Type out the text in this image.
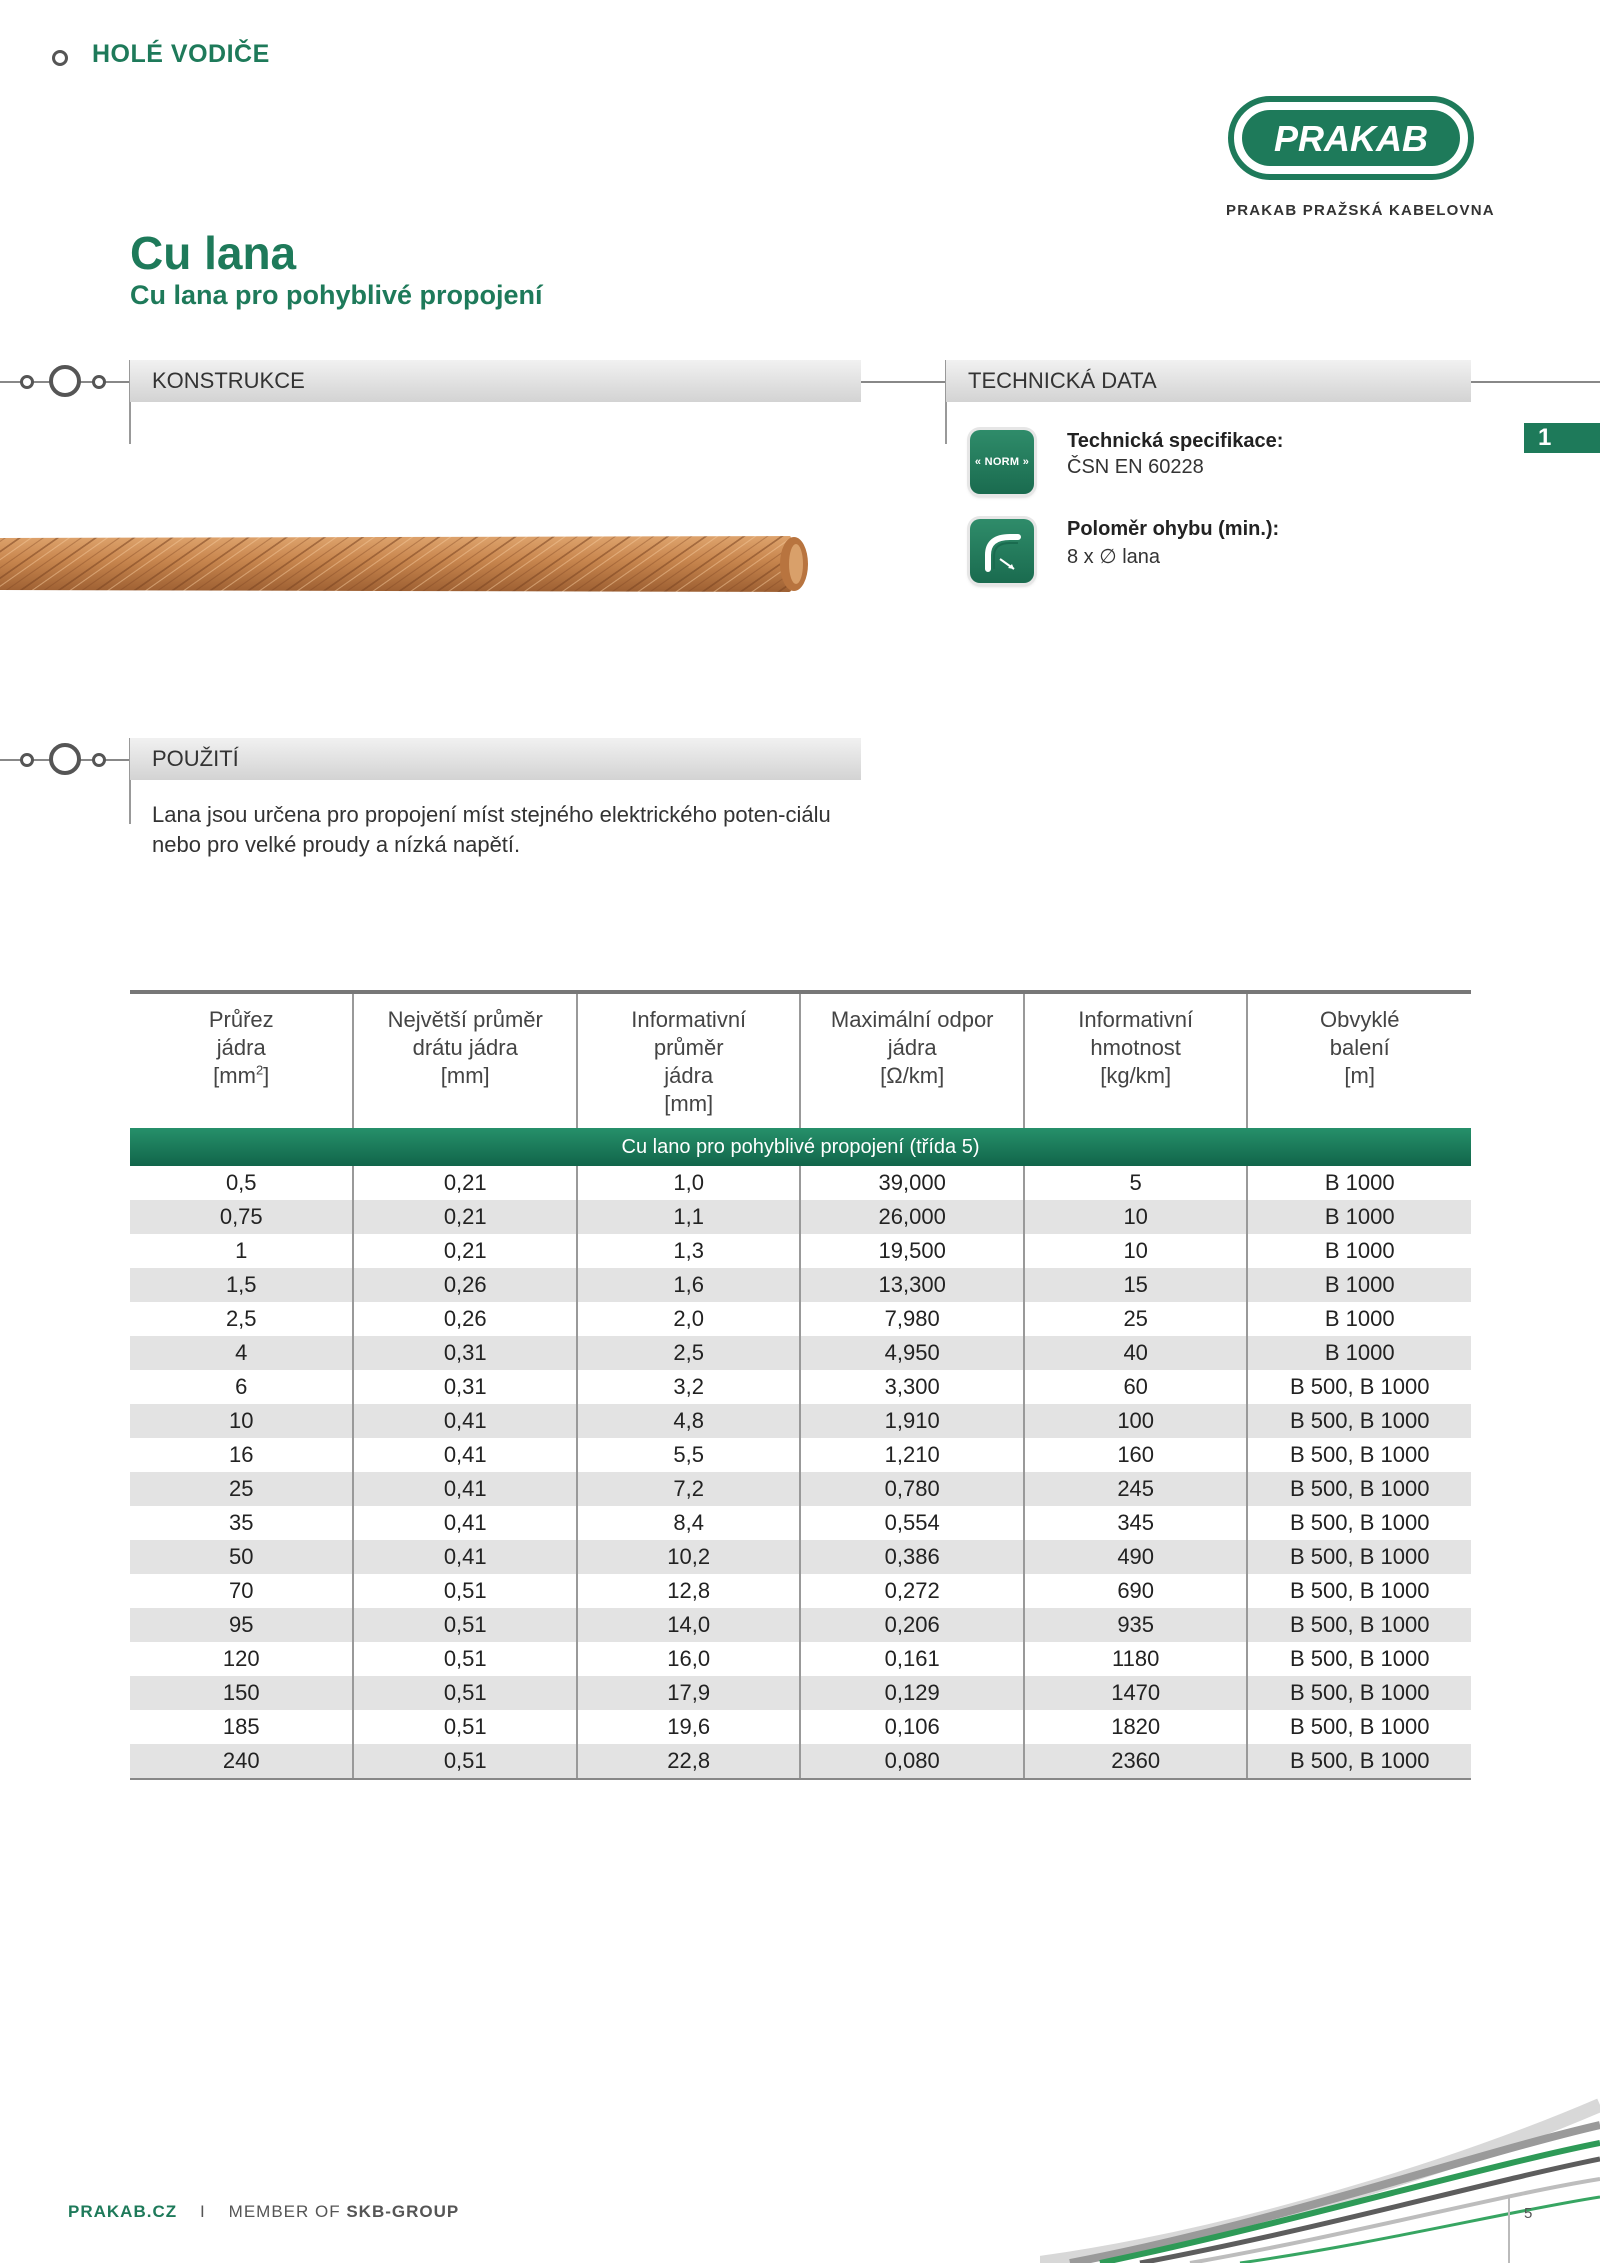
HOLÉ VODIČE
PRAKAB
PRAKAB PRAŽSKÁ KABELOVNA
Cu lana
Cu lana pro pohyblivé propojení
KONSTRUKCE	TECHNICKÁ DATA
1
« NORM »
Technická specifikace:
ČSN EN 60228
Poloměr ohybu (min.):
8 x ∅ lana
POUŽITÍ
Lana jsou určena pro propojení míst stejného elektrického poten-ciálu nebo pro velké proudy a nízká napětí.
Průřez
jádra
$[mm^2]$	Největší průměr
drátu jádra
[mm]	Informativní
průměr
jádra
[mm]	Maximální odpor
jádra
[Ω/km]	Informativní
hmotnost
[kg/km]	Obvyklé
balení
[m]
Cu lano pro pohyblivé propojení (třída 5)					
0,5	0,21	1,0	39,000	5	B 1000
0,75	0,21	1,1	26,000	10	B 1000
1	0,21	1,3	19,500	10	B 1000
1,5	0,26	1,6	13,300	15	B 1000
2,5	0,26	2,0	7,980	25	B 1000
4	0,31	2,5	4,950	40	B 1000
6	0,31	3,2	3,300	60	B 500, B 1000
10	0,41	4,8	1,910	100	B 500, B 1000
16	0,41	5,5	1,210	160	B 500, B 1000
25	0,41	7,2	0,780	245	B 500, B 1000
35	0,41	8,4	0,554	345	B 500, B 1000
50	0,41	10,2	0,386	490	B 500, B 1000
70	0,51	12,8	0,272	690	B 500, B 1000
95	0,51	14,0	0,206	935	B 500, B 1000
120	0,51	16,0	0,161	1180	B 500, B 1000
150	0,51	17,9	0,129	1470	B 500, B 1000
185	0,51	19,6	0,106	1820	B 500, B 1000
240	0,51	22,8	0,080	2360	B 500, B 1000
PRAKAB.CZ I MEMBER OF SKB-GROUP	5
